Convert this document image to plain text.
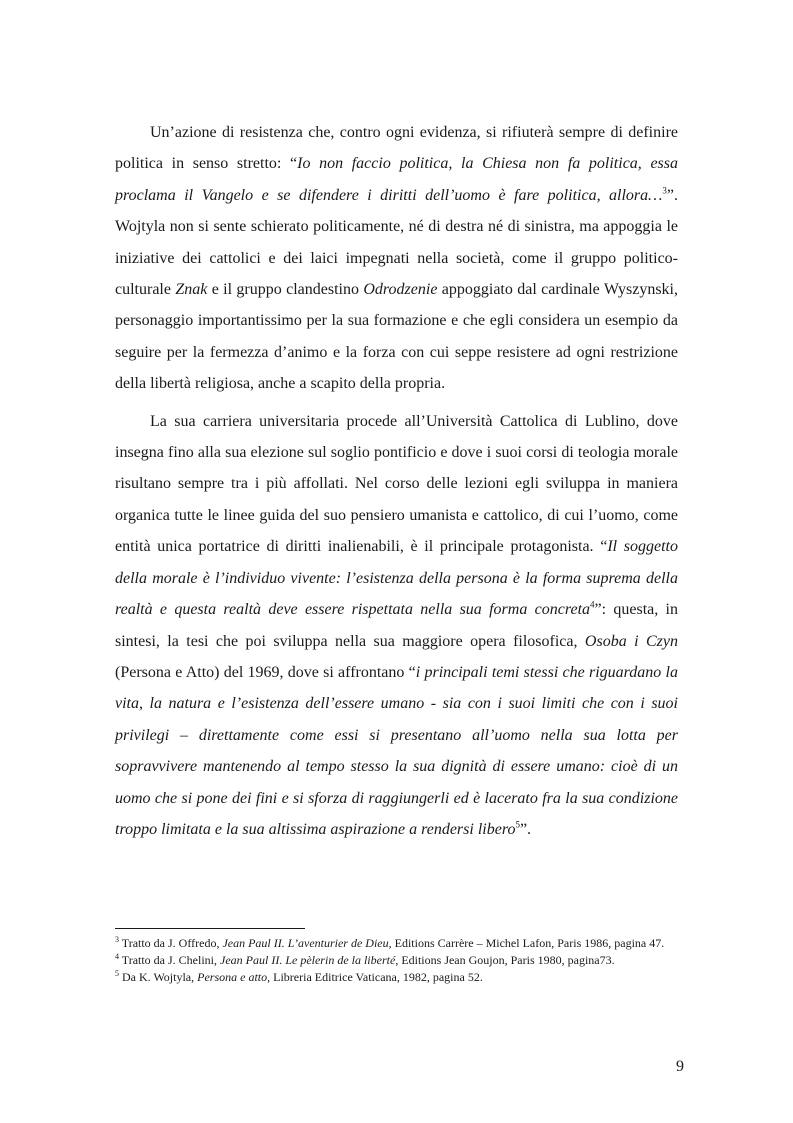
Un’azione di resistenza che, contro ogni evidenza, si rifiuterà sempre di definire politica in senso stretto: “Io non faccio politica, la Chiesa non fa politica, essa proclama il Vangelo e se difendere i diritti dell’uomo è fare politica, allora…$^3$”. Wojtyla non si sente schierato politicamente, né di destra né di sinistra, ma appoggia le iniziative dei cattolici e dei laici impegnati nella società, come il gruppo politico-culturale Znak e il gruppo clandestino Odrodzenie appoggiato dal cardinale Wyszynski, personaggio importantissimo per la sua formazione e che egli considera un esempio da seguire per la fermezza d’animo e la forza con cui seppe resistere ad ogni restrizione della libertà religiosa, anche a scapito della propria.

La sua carriera universitaria procede all’Università Cattolica di Lublino, dove insegna fino alla sua elezione sul soglio pontificio e dove i suoi corsi di teologia morale risultano sempre tra i più affollati. Nel corso delle lezioni egli sviluppa in maniera organica tutte le linee guida del suo pensiero umanista e cattolico, di cui l’uomo, come entità unica portatrice di diritti inalienabili, è il principale protagonista. “Il soggetto della morale è l’individuo vivente: l’esistenza della persona è la forma suprema della realtà e questa realtà deve essere rispettata nella sua forma concreta$^4$”: questa, in sintesi, la tesi che poi sviluppa nella sua maggiore opera filosofica, Osoba i Czyn (Persona e Atto) del 1969, dove si affrontano “i principali temi stessi che riguardano la vita, la natura e l’esistenza dell’essere umano - sia con i suoi limiti che con i suoi privilegi – direttamente come essi si presentano all’uomo nella sua lotta per sopravvivere mantenendo al tempo stesso la sua dignità di essere umano: cioè di un uomo che si pone dei fini e si sforza di raggiungerli ed è lacerato fra la sua condizione troppo limitata e la sua altissima aspirazione a rendersi libero$^5$”.

$^3$ Tratto da J. Offredo, Jean Paul II. L’aventurier de Dieu, Editions Carrère – Michel Lafon, Paris 1986, pagina 47.
$^4$ Tratto da J. Chelini, Jean Paul II. Le pèlerin de la liberté, Editions Jean Goujon, Paris 1980, pagina73.
$^5$ Da K. Wojtyla, Persona e atto, Libreria Editrice Vaticana, 1982, pagina 52.
9
